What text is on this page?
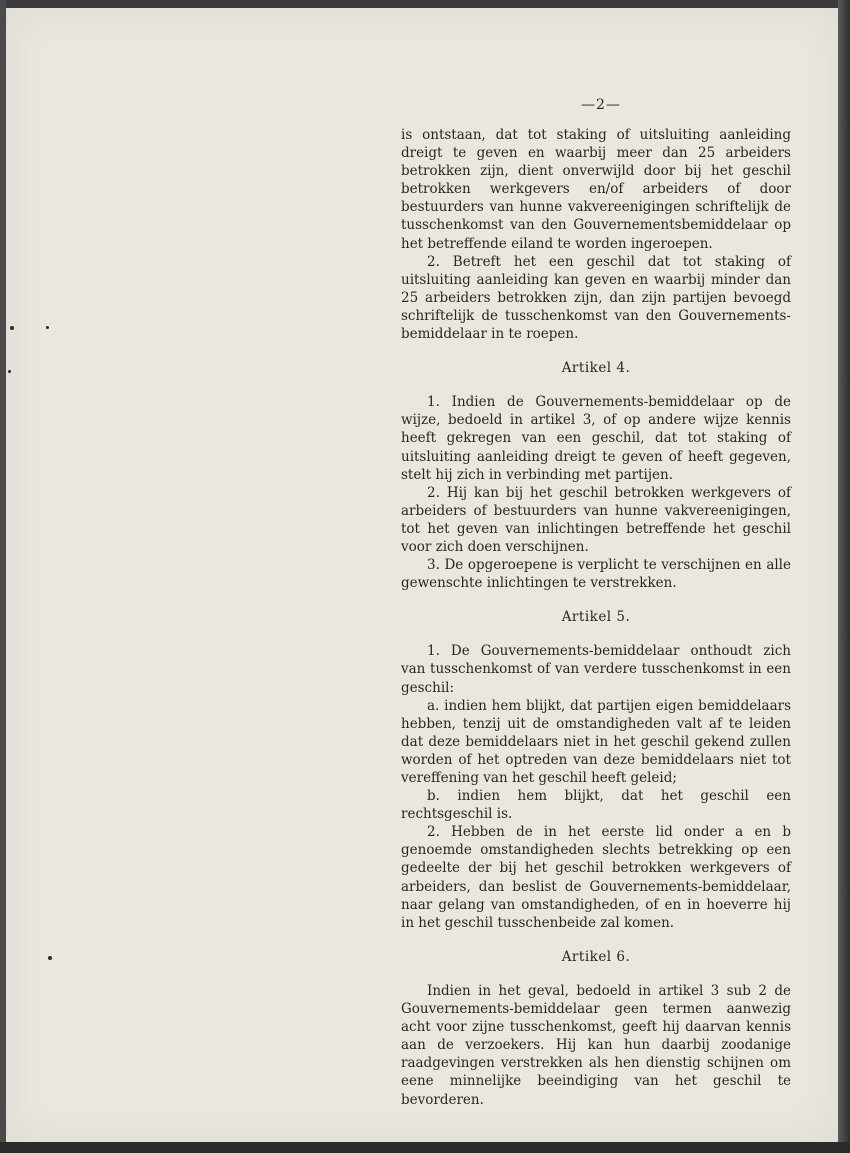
—2—

is ontstaan, dat tot staking of uitsluiting aanleiding dreigt te geven en waarbij meer dan 25 arbeiders betrokken zijn, dient onverwijld door bij het geschil betrokken werkgevers en/of arbeiders of door bestuurders van hunne vakvereenigingen schriftelijk de tusschenkomst van den Gouvernementsbemiddelaar op het betreffende eiland te worden ingeroepen.

2. Betreft het een geschil dat tot staking of uitsluiting aanleiding kan geven en waarbij minder dan 25 arbeiders betrokken zijn, dan zijn partijen bevoegd schriftelijk de tusschenkomst van den Gouvernements-bemiddelaar in te roepen.

Artikel 4.

1. Indien de Gouvernements-bemiddelaar op de wijze, bedoeld in artikel 3, of op andere wijze kennis heeft gekregen van een geschil, dat tot staking of uitsluiting aanleiding dreigt te geven of heeft gegeven, stelt hij zich in verbinding met partijen.

2. Hij kan bij het geschil betrokken werkgevers of arbeiders of bestuurders van hunne vakvereenigingen, tot het geven van inlichtingen betreffende het geschil voor zich doen verschijnen.

3. De opgeroepene is verplicht te verschijnen en alle gewenschte inlichtingen te verstrekken.

Artikel 5.

1. De Gouvernements-bemiddelaar onthoudt zich van tusschenkomst of van verdere tusschenkomst in een geschil:

a. indien hem blijkt, dat partijen eigen bemiddelaars hebben, tenzij uit de omstandigheden valt af te leiden dat deze bemiddelaars niet in het geschil gekend zullen worden of het optreden van deze bemiddelaars niet tot vereffening van het geschil heeft geleid;

b. indien hem blijkt, dat het geschil een rechtsgeschil is.

2. Hebben de in het eerste lid onder a en b genoemde omstandigheden slechts betrekking op een gedeelte der bij het geschil betrokken werkgevers of arbeiders, dan beslist de Gouvernements-bemiddelaar, naar gelang van omstandigheden, of en in hoeverre hij in het geschil tusschenbeide zal komen.

Artikel 6.

Indien in het geval, bedoeld in artikel 3 sub 2 de Gouvernements-bemiddelaar geen termen aanwezig acht voor zijne tusschenkomst, geeft hij daarvan kennis aan de verzoekers. Hij kan hun daarbij zoodanige raadgevingen verstrekken als hen dienstig schijnen om eene minnelijke beeindiging van het geschil te bevorderen.
